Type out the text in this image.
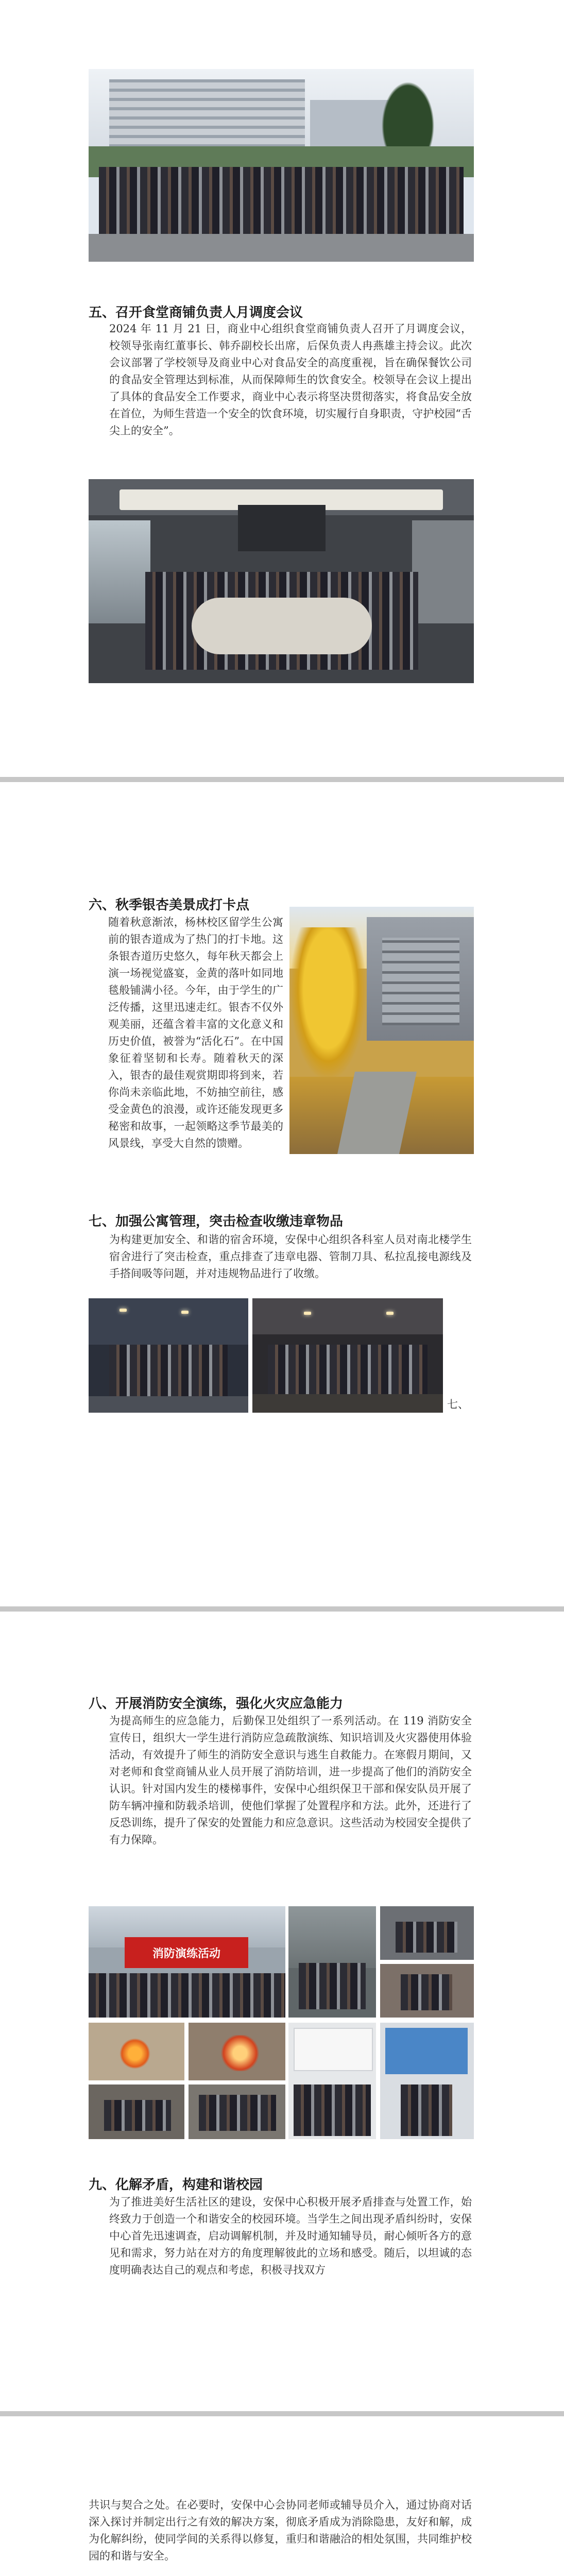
五、召开食堂商铺负责人月调度会议
2024 年 11 月 21 日，商业中心组织食堂商铺负责人召开了月调度会议，校领导张南红董事长、韩乔副校长出席，后保负责人冉燕雄主持会议。此次会议部署了学校领导及商业中心对食品安全的高度重视，旨在确保餐饮公司的食品安全管理达到标准，从而保障师生的饮食安全。校领导在会议上提出了具体的食品安全工作要求，商业中心表示将坚决贯彻落实，将食品安全放在首位，为师生营造一个安全的饮食环境，切实履行自身职责，守护校园“舌尖上的安全”。
六、秋季银杏美景成打卡点
随着秋意渐浓，杨林校区留学生公寓前的银杏道成为了热门的打卡地。这条银杏道历史悠久，每年秋天都会上演一场视觉盛宴，金黄的落叶如同地毯般铺满小径。今年，由于学生的广泛传播，这里迅速走红。银杏不仅外观美丽，还蕴含着丰富的文化意义和历史价值，被誉为“活化石”。在中国象征着坚韧和长寿。随着秋天的深入，银杏的最佳观赏期即将到来，若你尚未亲临此地，不妨抽空前往，感受金黄色的浪漫，或许还能发现更多秘密和故事，一起领略这季节最美的风景线，享受大自然的馈赠。
七、加强公寓管理，突击检查收缴违章物品
为构建更加安全、和谐的宿舍环境，安保中心组织各科室人员对南北楼学生宿舍进行了突击检查，重点排查了违章电器、管制刀具、私拉乱接电源线及手搭间吸等问题，并对违规物品进行了收缴。
七、
八、开展消防安全演练，强化火灾应急能力
为提高师生的应急能力，后勤保卫处组织了一系列活动。在 119 消防安全宣传日，组织大一学生进行消防应急疏散演练、知识培训及火灾器使用体验活动，有效提升了师生的消防安全意识与逃生自救能力。在寒假月期间，又对老师和食堂商铺从业人员开展了消防培训，进一步提高了他们的消防安全认识。针对国内发生的楼梯事件，安保中心组织保卫干部和保安队员开展了防车辆冲撞和防载杀培训，使他们掌握了处置程序和方法。此外，还进行了反恐训练，提升了保安的处置能力和应急意识。这些活动为校园安全提供了有力保障。
消防演练活动
九、化解矛盾，构建和谐校园
为了推进美好生活社区的建设，安保中心积极开展矛盾排查与处置工作，始终致力于创造一个和谐安全的校园环境。当学生之间出现矛盾纠纷时，安保中心首先迅速调查，启动调解机制，并及时通知辅导员，耐心倾听各方的意见和需求，努力站在对方的角度理解彼此的立场和感受。随后，以坦诚的态度明确表达自己的观点和考虑，积极寻找双方
共识与契合之处。在必要时，安保中心会协同老师或辅导员介入，通过协商对话深入探讨并制定出行之有效的解决方案，彻底矛盾成为消除隐患，友好和解，成为化解纠纷，使同学间的关系得以修复，重归和谐融洽的相处氛围，共同维护校园的和谐与安全。
